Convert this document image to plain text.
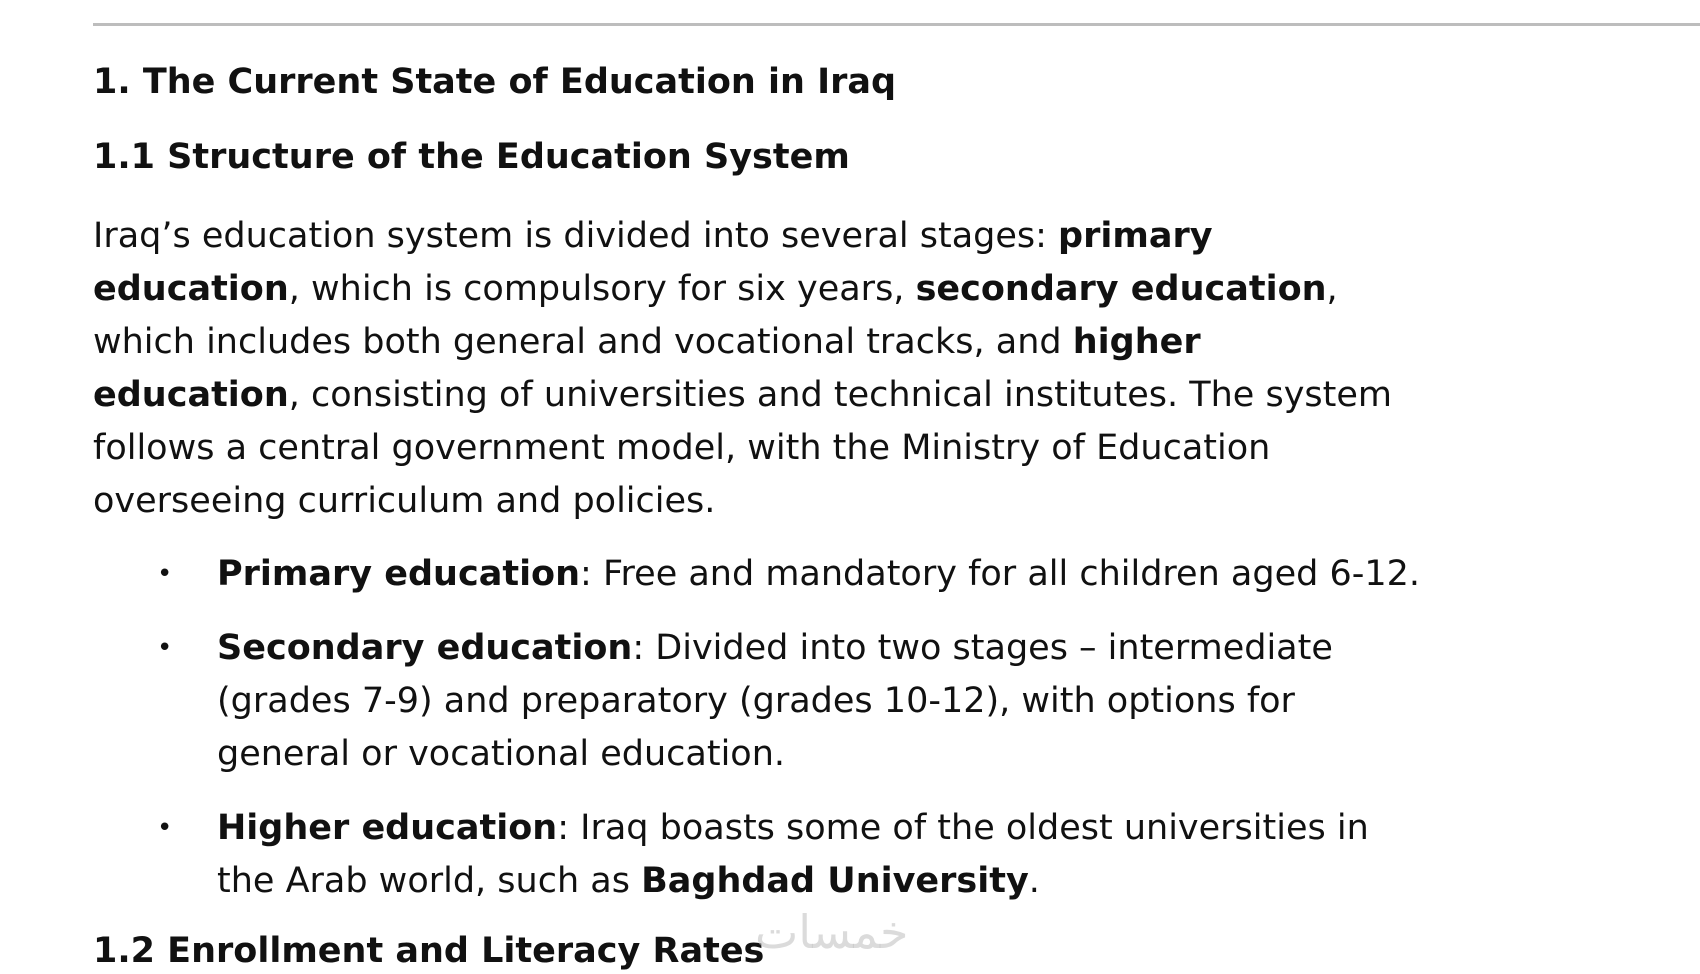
1. The Current State of Education in Iraq
1.1 Structure of the Education System

Iraq’s education system is divided into several stages: primary
education, which is compulsory for six years, secondary education,
which includes both general and vocational tracks, and higher
education, consisting of universities and technical institutes. The system
follows a central government model, with the Ministry of Education
overseeing curriculum and policies.

• Primary education: Free and mandatory for all children aged 6-12.
• Secondary education: Divided into two stages – intermediate
(grades 7-9) and preparatory (grades 10-12), with options for
general or vocational education.
• Higher education: Iraq boasts some of the oldest universities in
the Arab world, such as Baghdad University.
1.2 Enrollment and Literacy Rates
خمسات
